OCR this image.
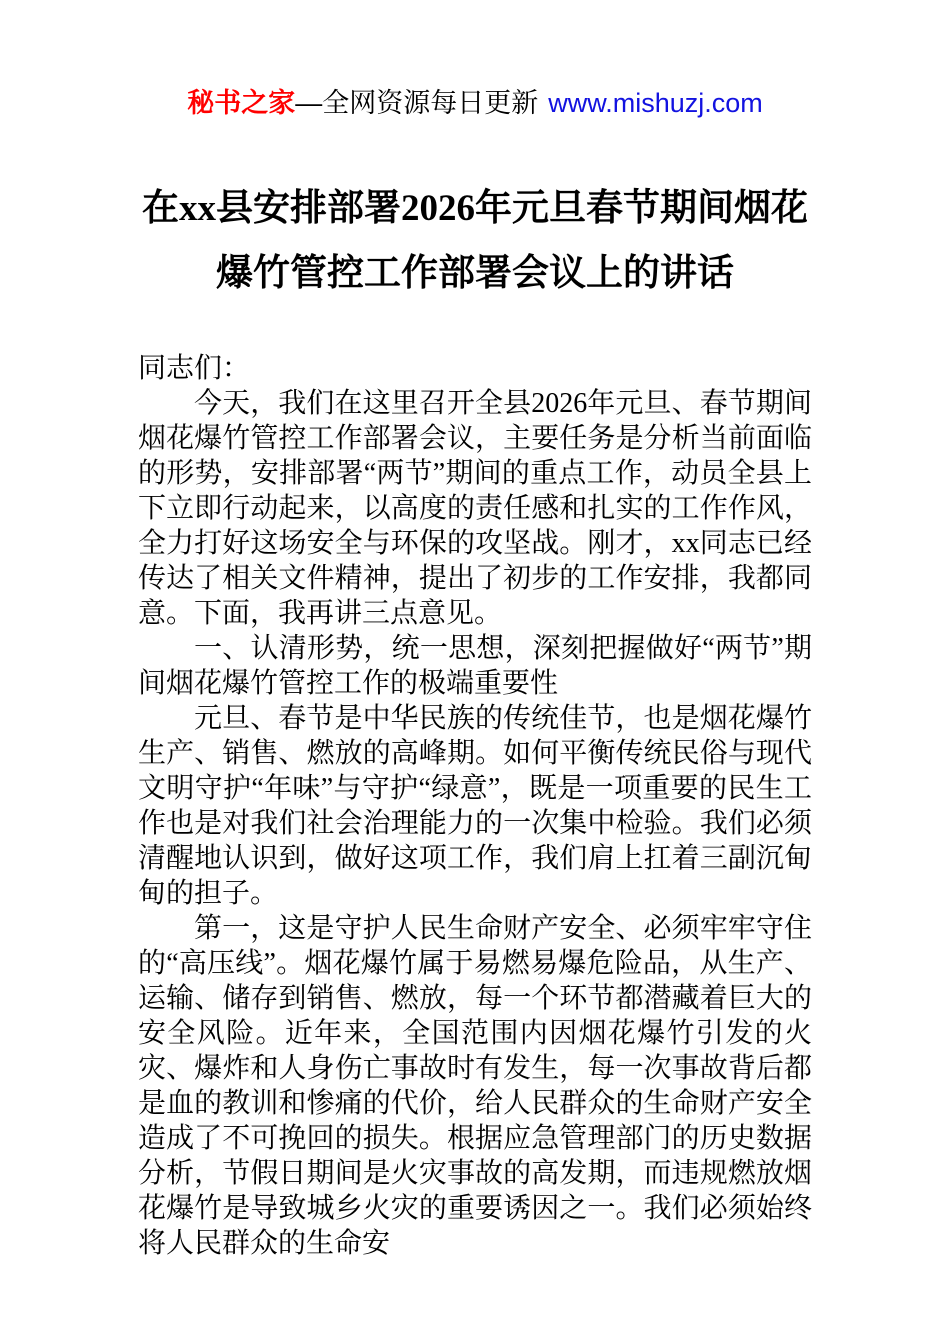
秘书之家—全网资源每日更新 www.mishuzj.com
在xx县安排部署2026年元旦春节期间烟花
爆竹管控工作部署会议上的讲话

同志们：

今天，我们在这里召开全县2026年元旦、春节期间烟花爆竹管控工作部署会议，主要任务是分析当前面临的形势，安排部署“两节”期间的重点工作，动员全县上下立即行动起来，以高度的责任感和扎实的工作作风，全力打好这场安全与环保的攻坚战。刚才，xx同志已经传达了相关文件精神，提出了初步的工作安排，我都同意。下面，我再讲三点意见。

一、认清形势，统一思想，深刻把握做好“两节”期间烟花爆竹管控工作的极端重要性

元旦、春节是中华民族的传统佳节，也是烟花爆竹生产、销售、燃放的高峰期。如何平衡传统民俗与现代文明守护“年味”与守护“绿意”，既是一项重要的民生工作也是对我们社会治理能力的一次集中检验。我们必须清醒地认识到，做好这项工作，我们肩上扛着三副沉甸甸的担子。

第一，这是守护人民生命财产安全、必须牢牢守住的“高压线”。烟花爆竹属于易燃易爆危险品，从生产、运输、储存到销售、燃放，每一个环节都潜藏着巨大的安全风险。近年来，全国范围内因烟花爆竹引发的火灾、爆炸和人身伤亡事故时有发生，每一次事故背后都是血的教训和惨痛的代价，给人民群众的生命财产安全造成了不可挽回的损失。根据应急管理部门的历史数据分析，节假日期间是火灾事故的高发期，而违规燃放烟花爆竹是导致城乡火灾的重要诱因之一。我们必须始终将人民群众的生命安
